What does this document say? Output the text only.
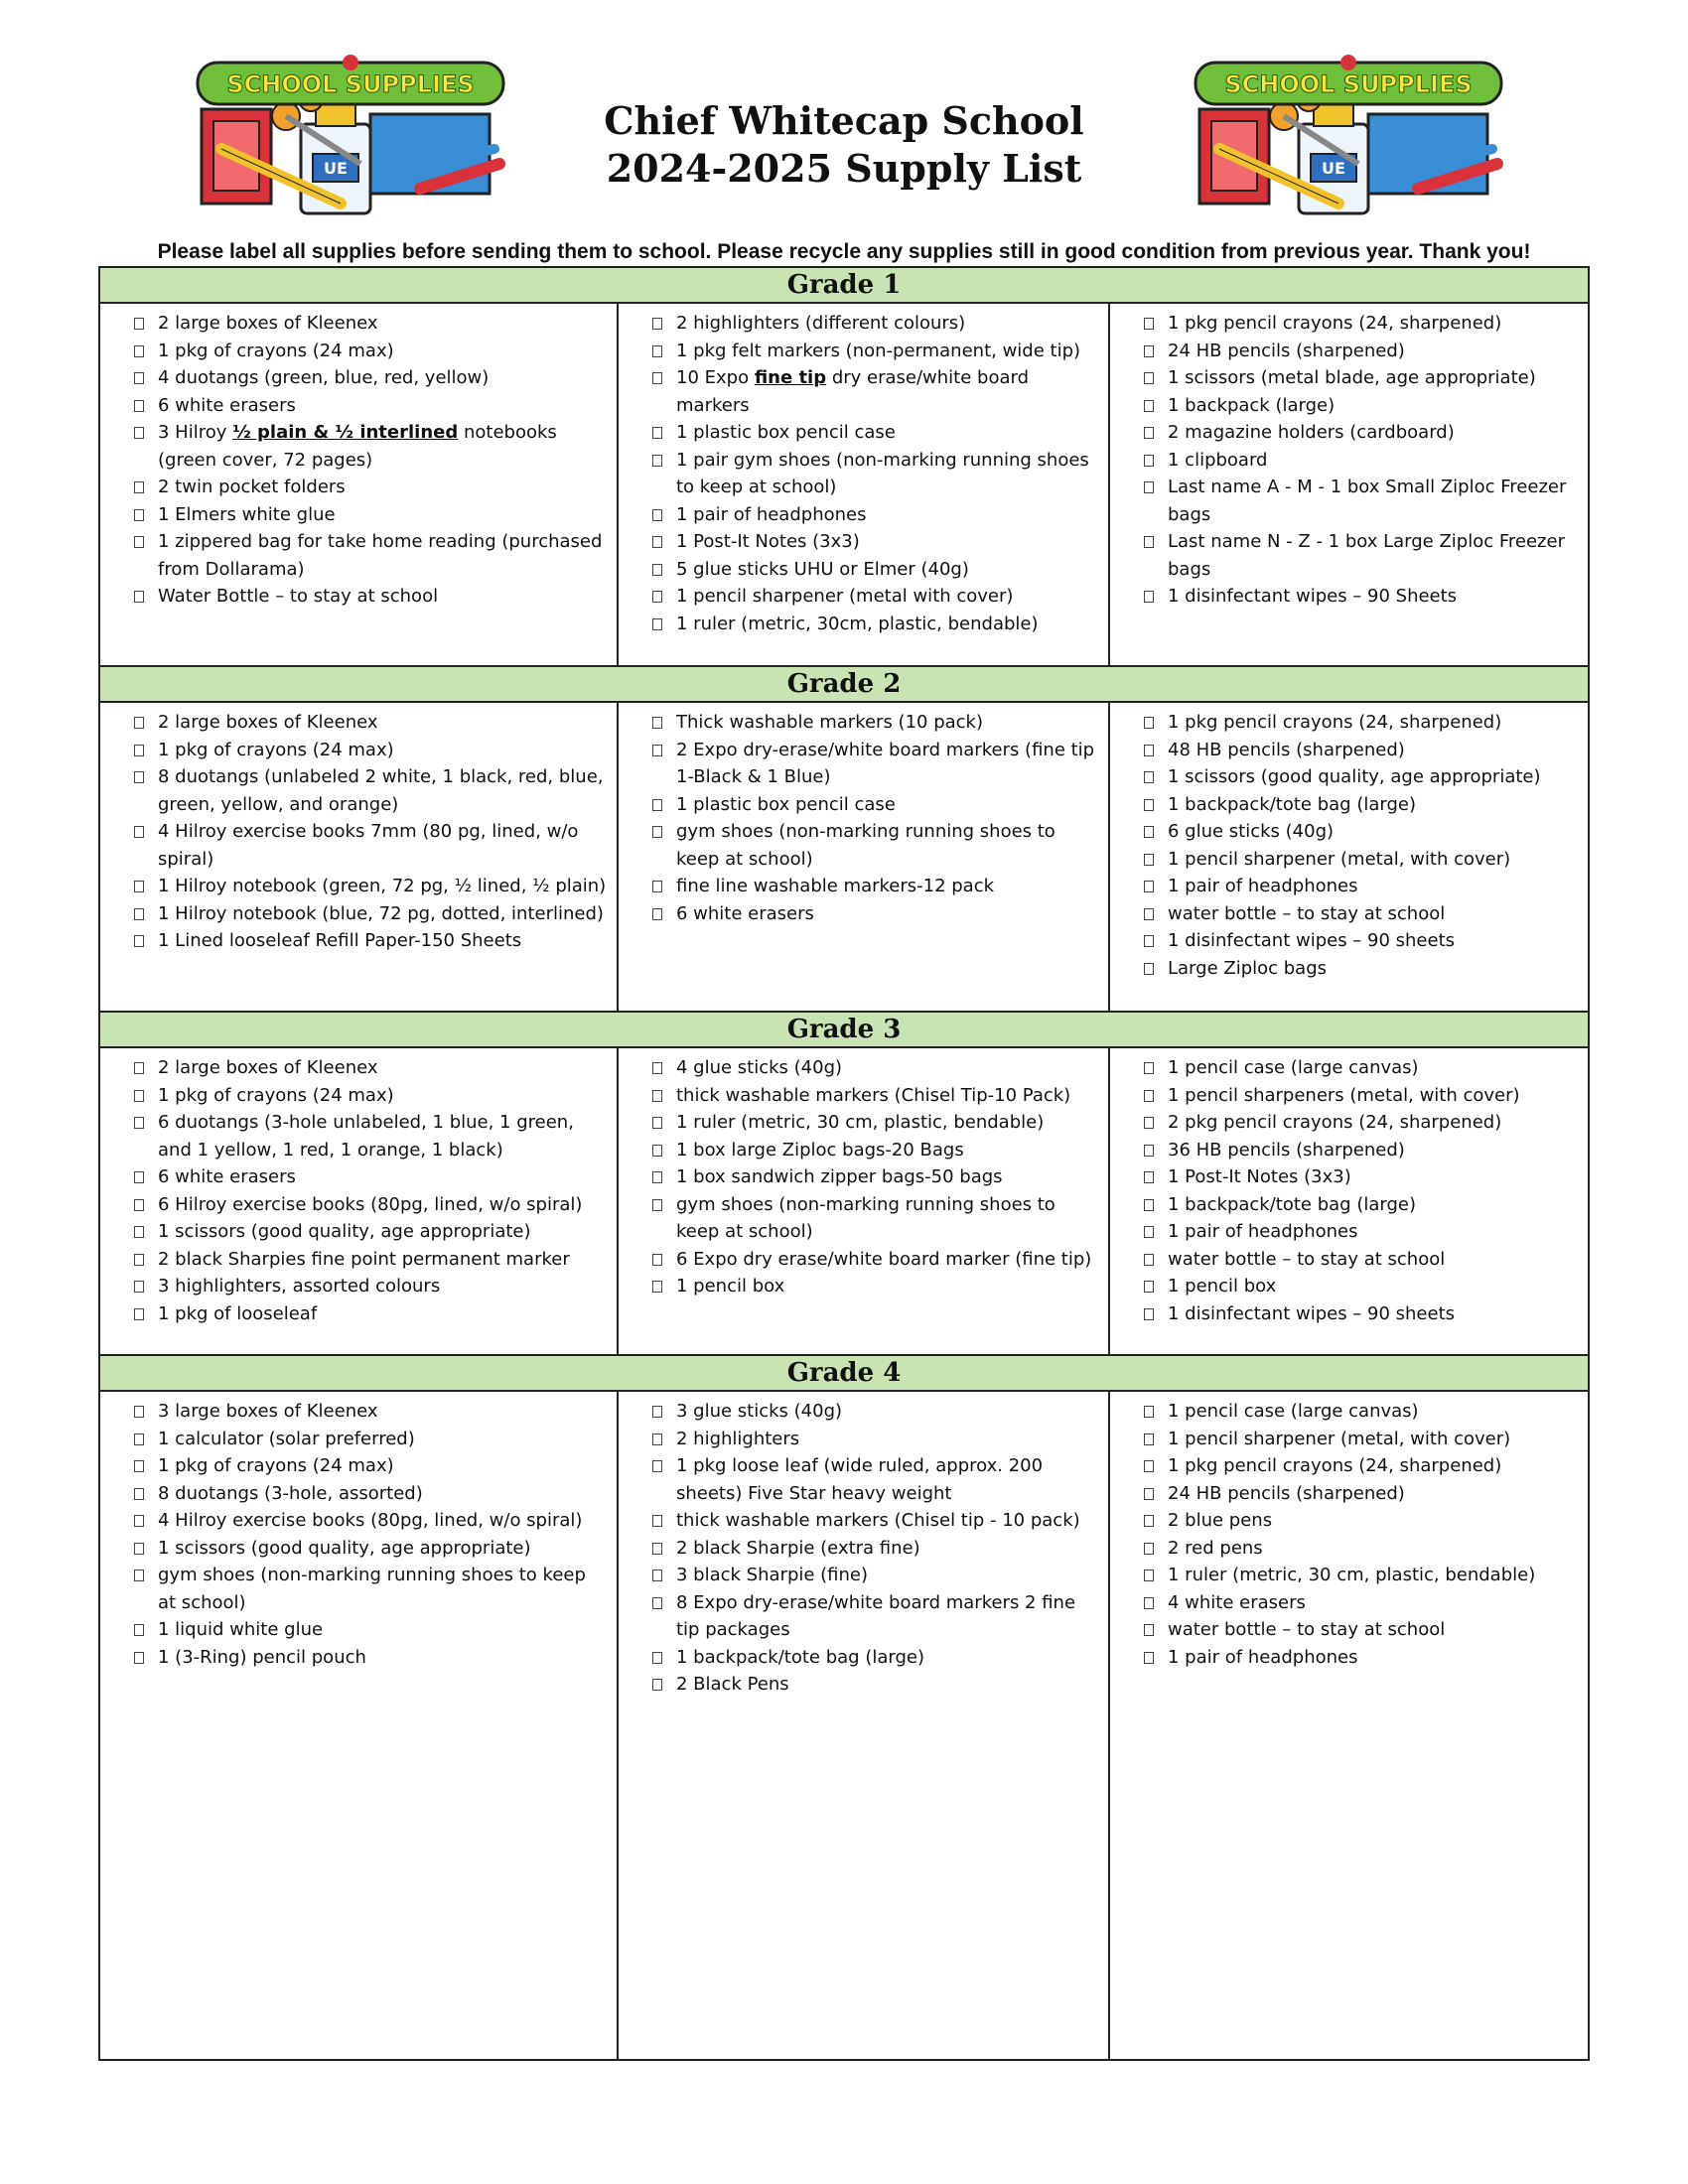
UE
SCHOOL SUPPLIES
Chief Whitecap School
2024-2025 Supply List	UE
SCHOOL SUPPLIES
Please label all supplies before sending them to school. Please recycle any supplies still in good condition from previous year. Thank you!
Grade 1
2 large boxes of Kleenex
1 pkg of crayons (24 max)
4 duotangs (green, blue, red, yellow)
6 white erasers
3 Hilroy ½ plain & ½ interlined notebooks (green cover, 72 pages)
2 twin pocket folders
1 Elmers white glue
1 zippered bag for take home reading (purchased from Dollarama)
Water Bottle – to stay at school
2 highlighters (different colours)
1 pkg felt markers (non-permanent, wide tip)
10 Expo fine tip dry erase/white board markers
1 plastic box pencil case
1 pair gym shoes (non-marking running shoes to keep at school)
1 pair of headphones
1 Post-It Notes (3x3)
5 glue sticks UHU or Elmer (40g)
1 pencil sharpener (metal with cover)
1 ruler (metric, 30cm, plastic, bendable)
1 pkg pencil crayons (24, sharpened)
24 HB pencils (sharpened)
1 scissors (metal blade, age appropriate)
1 backpack (large)
2 magazine holders (cardboard)
1 clipboard
Last name A - M - 1 box Small Ziploc Freezer bags
Last name N - Z - 1 box Large Ziploc Freezer bags
1 disinfectant wipes – 90 Sheets
Grade 2
2 large boxes of Kleenex
1 pkg of crayons (24 max)
8 duotangs (unlabeled 2 white, 1 black, red, blue, green, yellow, and orange)
4 Hilroy exercise books 7mm (80 pg, lined, w/o spiral)
1 Hilroy notebook (green, 72 pg, ½ lined, ½ plain)
1 Hilroy notebook (blue, 72 pg, dotted, interlined)
1 Lined looseleaf Refill Paper-150 Sheets
Thick washable markers (10 pack)
2 Expo dry-erase/white board markers (fine tip 1-Black & 1 Blue)
1 plastic box pencil case
gym shoes (non-marking running shoes to keep at school)
fine line washable markers-12 pack
6 white erasers
1 pkg pencil crayons (24, sharpened)
48 HB pencils (sharpened)
1 scissors (good quality, age appropriate)
1 backpack/tote bag (large)
6 glue sticks (40g)
1 pencil sharpener (metal, with cover)
1 pair of headphones
water bottle – to stay at school
1 disinfectant wipes – 90 sheets
Large Ziploc bags
Grade 3
2 large boxes of Kleenex
1 pkg of crayons (24 max)
6 duotangs (3-hole unlabeled, 1 blue, 1 green, and 1 yellow, 1 red, 1 orange, 1 black)
6 white erasers
6 Hilroy exercise books (80pg, lined, w/o spiral)
1 scissors (good quality, age appropriate)
2 black Sharpies fine point permanent marker
3 highlighters, assorted colours
1 pkg of looseleaf
4 glue sticks (40g)
thick washable markers (Chisel Tip-10 Pack)
1 ruler (metric, 30 cm, plastic, bendable)
1 box large Ziploc bags-20 Bags
1 box sandwich zipper bags-50 bags
gym shoes (non-marking running shoes to keep at school)
6 Expo dry erase/white board marker (fine tip)
1 pencil box
1 pencil case (large canvas)
1 pencil sharpeners (metal, with cover)
2 pkg pencil crayons (24, sharpened)
36 HB pencils (sharpened)
1 Post-It Notes (3x3)
1 backpack/tote bag (large)
1 pair of headphones
water bottle – to stay at school
1 pencil box
1 disinfectant wipes – 90 sheets
Grade 4
3 large boxes of Kleenex
1 calculator (solar preferred)
1 pkg of crayons (24 max)
8 duotangs (3-hole, assorted)
4 Hilroy exercise books (80pg, lined, w/o spiral)
1 scissors (good quality, age appropriate)
gym shoes (non-marking running shoes to keep at school)
1 liquid white glue
1 (3-Ring) pencil pouch
3 glue sticks (40g)
2 highlighters
1 pkg loose leaf (wide ruled, approx. 200 sheets) Five Star heavy weight
thick washable markers (Chisel tip - 10 pack)
2 black Sharpie (extra fine)
3 black Sharpie (fine)
8 Expo dry-erase/white board markers 2 fine tip packages
1 backpack/tote bag (large)
2 Black Pens
1 pencil case (large canvas)
1 pencil sharpener (metal, with cover)
1 pkg pencil crayons (24, sharpened)
24 HB pencils (sharpened)
2 blue pens
2 red pens
1 ruler (metric, 30 cm, plastic, bendable)
4 white erasers
water bottle – to stay at school
1 pair of headphones
